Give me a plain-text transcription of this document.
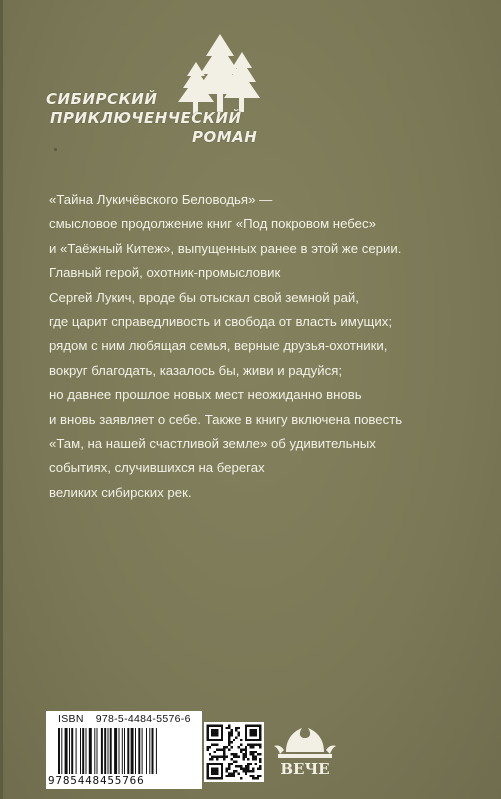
СИБИРСКИЙ
ПРИКЛЮЧЕНЧЕСКИЙ
РОМАН
«Тайна Лукичёвского Беловодья» —
смысловое продолжение книг «Под покровом небес»
и «Таёжный Китеж», выпущенных ранее в этой же серии.
Главный герой, охотник-промысловик
Сергей Лукич, вроде бы отыскал свой земной рай,
где царит справедливость и свобода от власть имущих;
рядом с ним любящая семья, верные друзья-охотники,
вокруг благодать, казалось бы, живи и радуйся;
но давнее прошлое новых мест неожиданно вновь
и вновь заявляет о себе. Также в книгу включена повесть
«Там, на нашей счастливой земле» об удивительных
событиях, случившихся на берегах
великих сибирских рек.
ISBN 978-5-4484-5576-6
9785448455766
ВЕЧЕ
